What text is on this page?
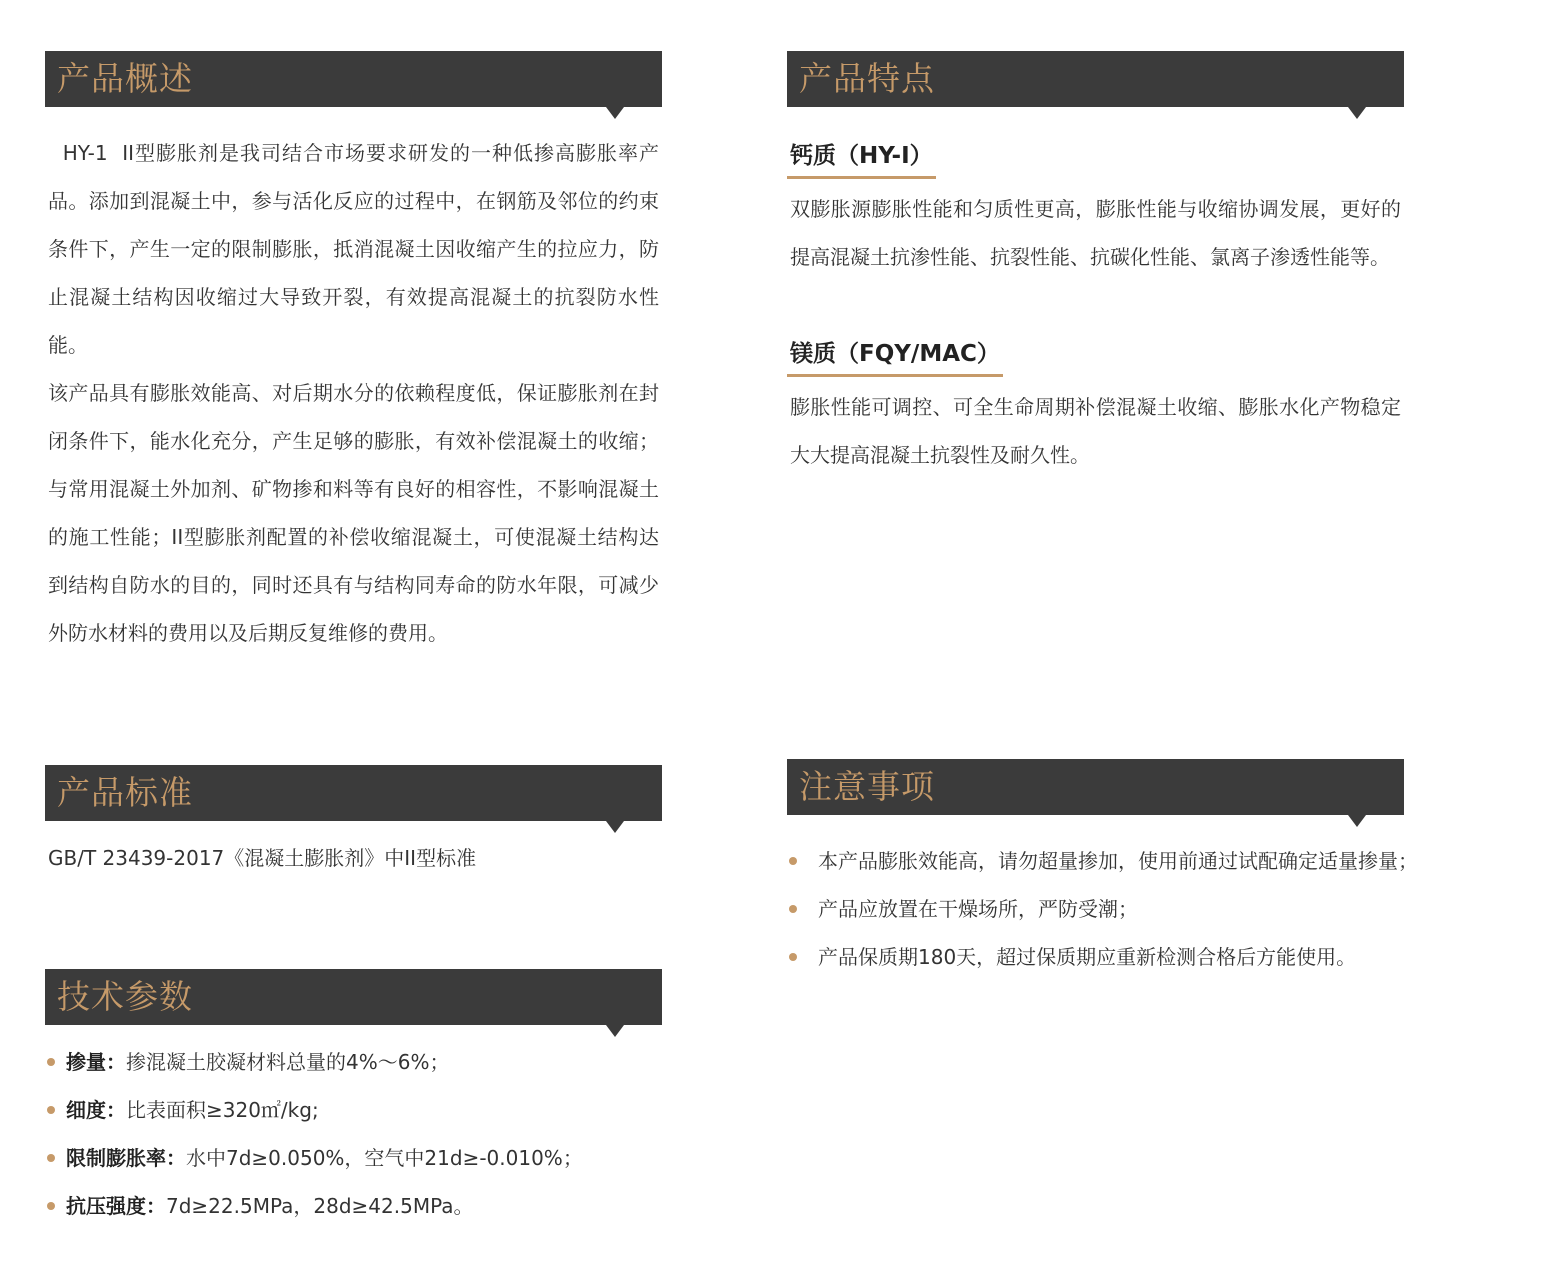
产品概述

HY-1  II型膨胀剂是我司结合市场要求研发的一种低掺高膨胀率产品。添加到混凝土中，参与活化反应的过程中，在钢筋及邻位的约束条件下，产生一定的限制膨胀，抵消混凝土因收缩产生的拉应力，防止混凝土结构因收缩过大导致开裂，有效提高混凝土的抗裂防水性能。

该产品具有膨胀效能高、对后期水分的依赖程度低，保证膨胀剂在封闭条件下，能水化充分，产生足够的膨胀，有效补偿混凝土的收缩；与常用混凝土外加剂、矿物掺和料等有良好的相容性，不影响混凝土的施工性能；II型膨胀剂配置的补偿收缩混凝土，可使混凝土结构达到结构自防水的目的，同时还具有与结构同寿命的防水年限，可减少外防水材料的费用以及后期反复维修的费用。

产品标准
GB/T 23439-2017《混凝土膨胀剂》中II型标准
技术参数
掺量：掺混凝土胶凝材料总量的4%～6%；
细度：比表面积≥320㎡/kg;
限制膨胀率：水中7d≥0.050%，空气中21d≥-0.010%；
抗压强度：7d≥22.5MPa，28d≥42.5MPa。
产品特点
钙质（HY-I）

双膨胀源膨胀性能和匀质性更高，膨胀性能与收缩协调发展，更好的提高混凝土抗渗性能、抗裂性能、抗碳化性能、氯离子渗透性能等。

镁质（FQY/MAC）

膨胀性能可调控、可全生命周期补偿混凝土收缩、膨胀水化产物稳定大大提高混凝土抗裂性及耐久性。

注意事项
本产品膨胀效能高，请勿超量掺加，使用前通过试配确定适量掺量；
产品应放置在干燥场所，严防受潮；
产品保质期180天，超过保质期应重新检测合格后方能使用。
